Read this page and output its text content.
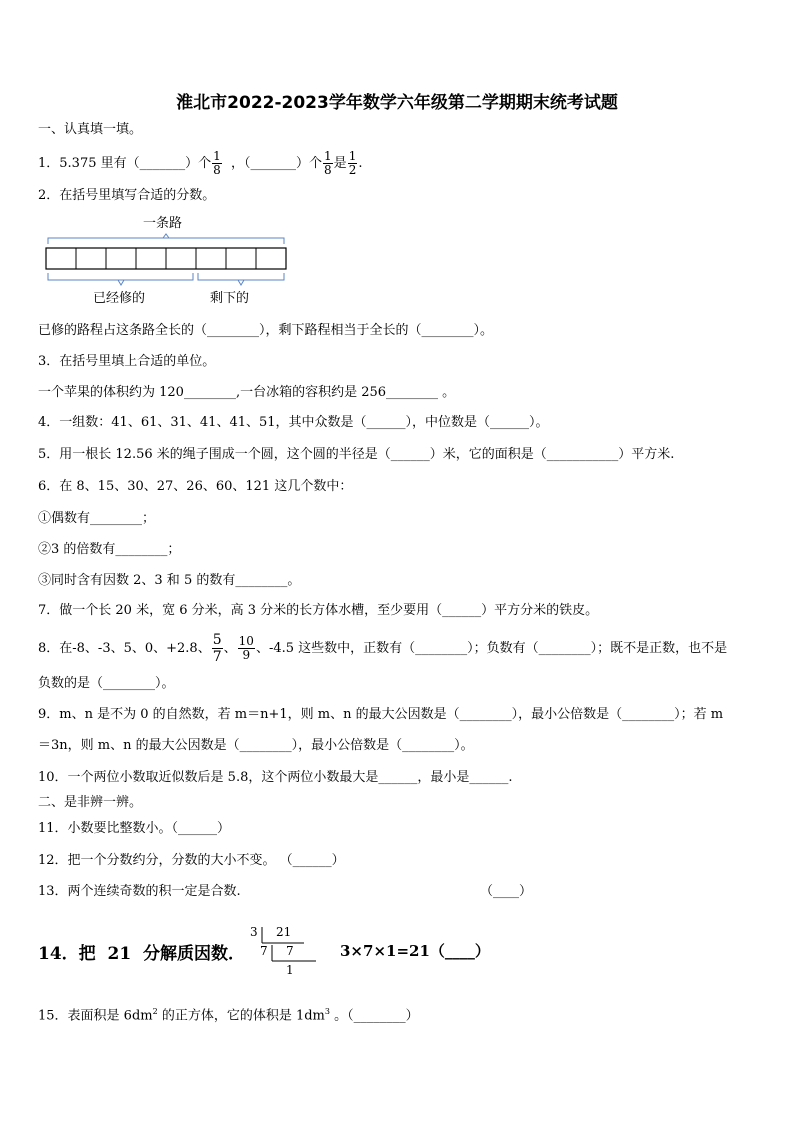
淮北市2022-2023学年数学六年级第二学期期末统考试题
一、认真填一填。
1．5.375 里有（_______）个 $\frac{1}{8}$ ，（_______）个 $\frac{1}{8}$ 是 $\frac{1}{2}$ .
2．在括号里填写合适的分数。
一条路
已经修的	剩下的
已修的路程占这条路全长的（________），剩下路程相当于全长的（________）。
3．在括号里填上合适的单位。
一个苹果的体积约为 120________,一台冰箱的容积约是 256________ 。
4．一组数：41、61、31、41、41、51，其中众数是（______），中位数是（______）。
5．用一根长 12.56 米的绳子围成一个圆，这个圆的半径是（______）米，它的面积是（___________）平方米.
6．在 8、15、30、27、26、60、121 这几个数中：
①偶数有________；
②3 的倍数有________；
③同时含有因数 2、3 和 5 的数有________。
7．做一个长 20 米，宽 6 分米，高 3 分米的长方体水槽，至少要用（______）平方分米的铁皮。
8．在-8、-3、5、0、+2.8、 $\frac{5}{7}$ 、 $\frac{10}{9}$ 、-4.5 这些数中，正数有（________）；负数有（________）；既不是正数，也不是
负数的是（________）。
9．m、n 是不为 0 的自然数，若 m＝n+1，则 m、n 的最大公因数是（________），最小公倍数是（________）；若 m
＝3n，则 m、n 的最大公因数是（________），最小公倍数是（________）。
10．一个两位小数取近似数后是 5.8，这个两位小数最大是______，最小是______.
二、是非辨一辨。
11．小数要比整数小。（______）
12．把一个分数约分，分数的大小不变。 （______）
13．两个连续奇数的积一定是合数.	（____）
14．把  21  分解质因数．
3 21
7 7
1
3×7×1=21（____）
15．表面积是 $6dm^2$ 的正方体，它的体积是 $1dm^3$ 。（________）
